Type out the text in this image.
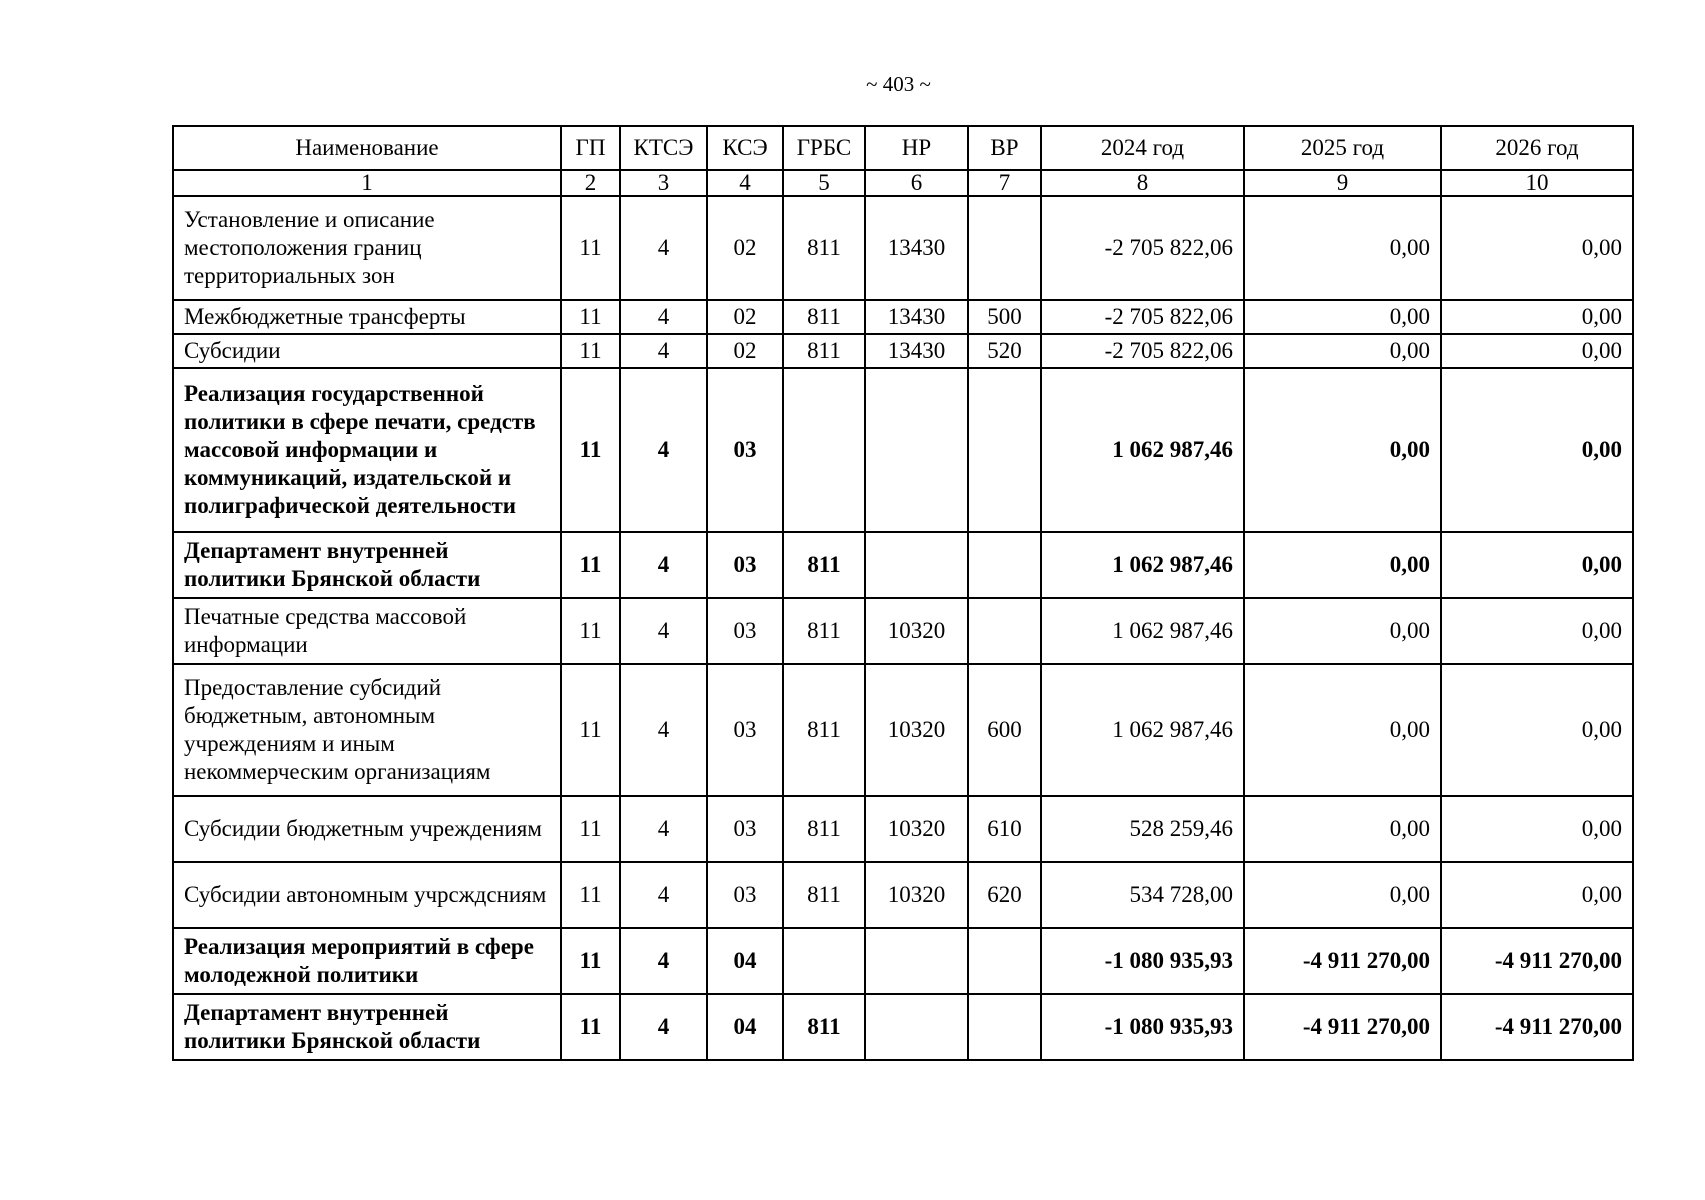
~ 403 ~
Наименование	ГП	КТСЭ	КСЭ	ГРБС	НР	ВР	2024 год	2025 год	2026 год
1	2	3	4	5	6	7	8	9	10
Установление и описание местоположения границ территориальных зон	11	4	02	811	13430		-2 705 822,06	0,00	0,00
Межбюджетные трансферты	11	4	02	811	13430	500	-2 705 822,06	0,00	0,00
Субсидии	11	4	02	811	13430	520	-2 705 822,06	0,00	0,00
Реализация государственной политики в сфере печати, средств массовой информации и коммуникаций, издательской и полиграфической деятельности	11	4	03				1 062 987,46	0,00	0,00
Департамент внутренней политики Брянской области	11	4	03	811			1 062 987,46	0,00	0,00
Печатные средства массовой информации	11	4	03	811	10320		1 062 987,46	0,00	0,00
Предоставление субсидий бюджетным, автономным учреждениям и иным некоммерческим организациям	11	4	03	811	10320	600	1 062 987,46	0,00	0,00
Субсидии бюджетным учреждениям	11	4	03	811	10320	610	528 259,46	0,00	0,00
Субсидии автономным учрсждсниям	11	4	03	811	10320	620	534 728,00	0,00	0,00
Реализация мероприятий в сфере молодежной политики	11	4	04				-1 080 935,93	-4 911 270,00	-4 911 270,00
Департамент внутренней политики Брянской области	11	4	04	811			-1 080 935,93	-4 911 270,00	-4 911 270,00
